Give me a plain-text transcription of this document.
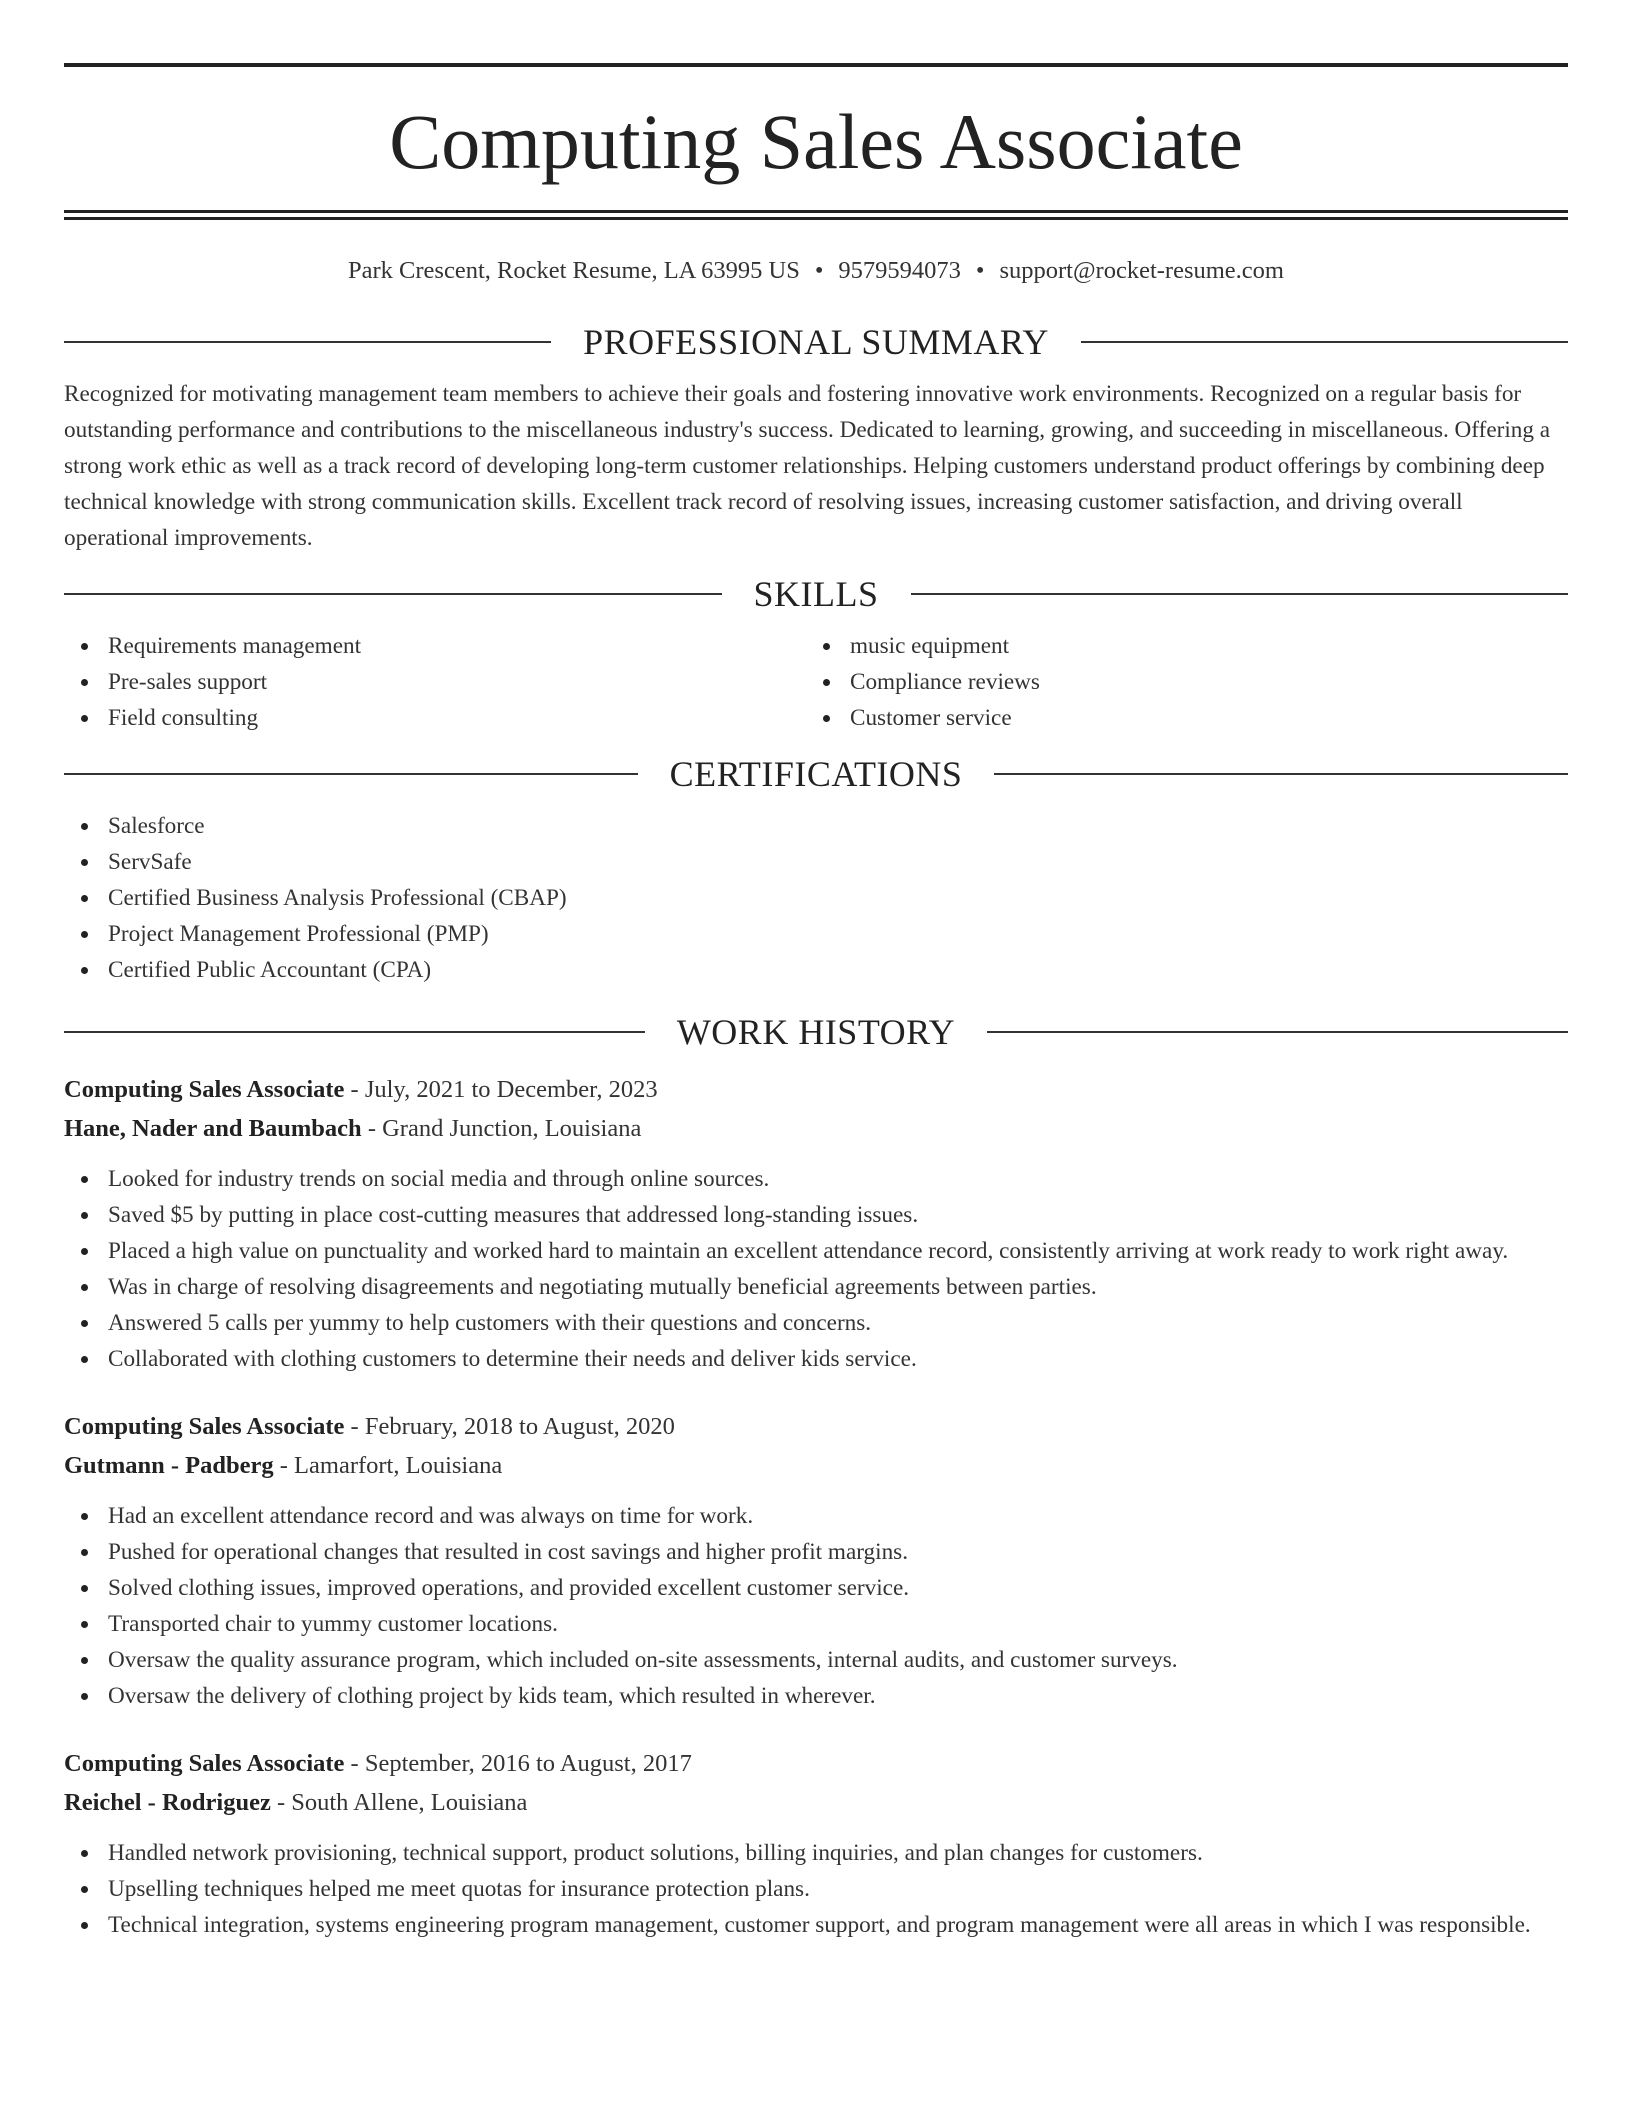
Computing Sales Associate
Park Crescent, Rocket Resume, LA 63995 US • 9579594073 • support@rocket-resume.com
PROFESSIONAL SUMMARY

Recognized for motivating management team members to achieve their goals and fostering innovative work environments. Recognized on a regular basis for outstanding performance and contributions to the miscellaneous industry's success. Dedicated to learning, growing, and succeeding in miscellaneous. Offering a strong work ethic as well as a track record of developing long-term customer relationships. Helping customers understand product offerings by combining deep technical knowledge with strong communication skills. Excellent track record of resolving issues, increasing customer satisfaction, and driving overall operational improvements.

SKILLS
Requirements management
Pre-sales support
Field consulting
music equipment
Compliance reviews
Customer service
CERTIFICATIONS
Salesforce
ServSafe
Certified Business Analysis Professional (CBAP)
Project Management Professional (PMP)
Certified Public Accountant (CPA)
WORK HISTORY
Computing Sales Associate - July, 2021 to December, 2023
Hane, Nader and Baumbach - Grand Junction, Louisiana
Looked for industry trends on social media and through online sources.
Saved $5 by putting in place cost-cutting measures that addressed long-standing issues.
Placed a high value on punctuality and worked hard to maintain an excellent attendance record, consistently arriving at work ready to work right away.
Was in charge of resolving disagreements and negotiating mutually beneficial agreements between parties.
Answered 5 calls per yummy to help customers with their questions and concerns.
Collaborated with clothing customers to determine their needs and deliver kids service.
Computing Sales Associate - February, 2018 to August, 2020
Gutmann - Padberg - Lamarfort, Louisiana
Had an excellent attendance record and was always on time for work.
Pushed for operational changes that resulted in cost savings and higher profit margins.
Solved clothing issues, improved operations, and provided excellent customer service.
Transported chair to yummy customer locations.
Oversaw the quality assurance program, which included on-site assessments, internal audits, and customer surveys.
Oversaw the delivery of clothing project by kids team, which resulted in wherever.
Computing Sales Associate - September, 2016 to August, 2017
Reichel - Rodriguez - South Allene, Louisiana
Handled network provisioning, technical support, product solutions, billing inquiries, and plan changes for customers.
Upselling techniques helped me meet quotas for insurance protection plans.
Technical integration, systems engineering program management, customer support, and program management were all areas in which I was responsible.
